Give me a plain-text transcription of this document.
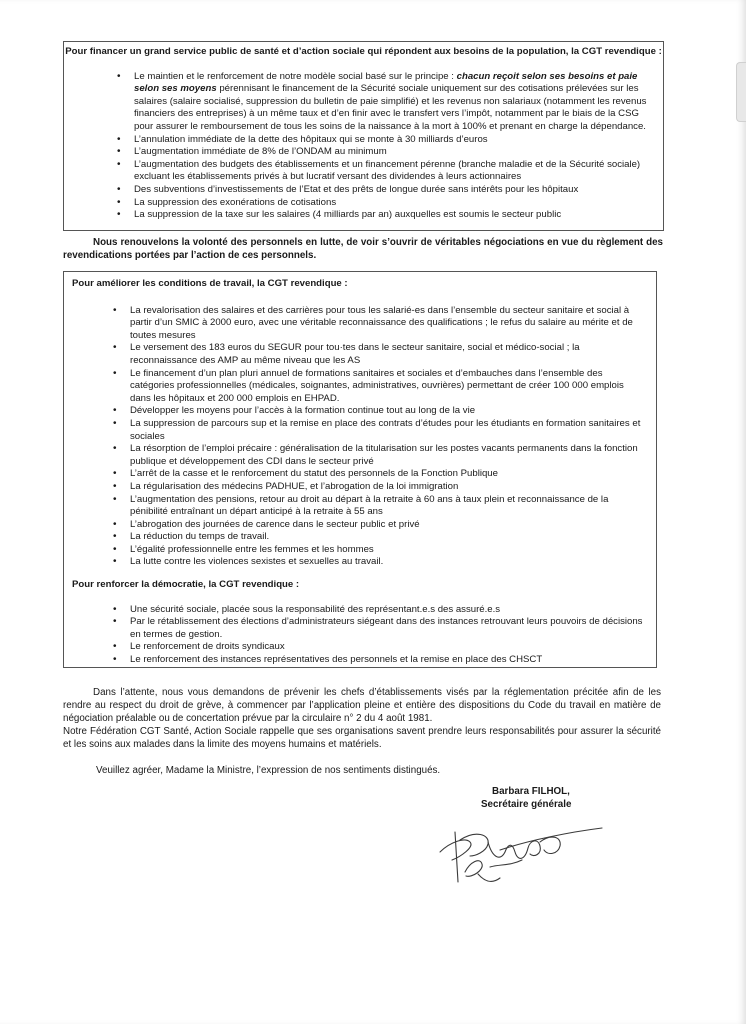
Pour financer un grand service public de santé et d’action sociale qui répondent aux besoins de la population, la CGT revendique :
• Le maintien et le renforcement de notre modèle social basé sur le principe : chacun reçoit selon ses besoins et paie selon ses moyens pérennisant le financement de la Sécurité sociale uniquement sur des cotisations prélevées sur les salaires (salaire socialisé, suppression du bulletin de paie simplifié) et les revenus non salariaux (notamment les revenus financiers des entreprises) à un même taux et d’en finir avec le transfert vers l’impôt, notamment par le biais de la CSG pour assurer le remboursement de tous les soins de la naissance à la mort à 100% et prenant en charge la dépendance.
• L’annulation immédiate de la dette des hôpitaux qui se monte à 30 milliards d’euros
• L’augmentation immédiate de 8% de l’ONDAM au minimum
• L’augmentation des budgets des établissements et un financement pérenne (branche maladie et de la Sécurité sociale) excluant les établissements privés à but lucratif versant des dividendes à leurs actionnaires
• Des subventions d’investissements de l’Etat et des prêts de longue durée sans intérêts pour les hôpitaux
• La suppression des exonérations de cotisations
• La suppression de la taxe sur les salaires (4 milliards par an) auxquelles est soumis le secteur public
Nous renouvelons la volonté des personnels en lutte, de voir s’ouvrir de véritables négociations en vue du règlement des revendications portées par l’action de ces personnels.
Pour améliorer les conditions de travail, la CGT revendique :
• La revalorisation des salaires et des carrières pour tous les salarié-es dans l’ensemble du secteur sanitaire et social à partir d’un SMIC à 2000 euro, avec une véritable reconnaissance des qualifications ; le refus du salaire au mérite et de toutes mesures
• Le versement des 183 euros du SEGUR pour tou·tes dans le secteur sanitaire, social et médico-social ; la reconnaissance des AMP au même niveau que les AS
• Le financement d’un plan pluri annuel de formations sanitaires et sociales et d’embauches dans l’ensemble des catégories professionnelles (médicales, soignantes, administratives, ouvrières) permettant de créer 100 000 emplois dans les hôpitaux et 200 000 emplois en EHPAD.
• Développer les moyens pour l’accès à la formation continue tout au long de la vie
• La suppression de parcours sup et la remise en place des contrats d’études pour les étudiants en formation sanitaires et sociales
• La résorption de l’emploi précaire : généralisation de la titularisation sur les postes vacants permanents dans la fonction publique et développement des CDI dans le secteur privé
• L’arrêt de la casse et le renforcement du statut des personnels de la Fonction Publique
• La régularisation des médecins PADHUE, et l’abrogation de la loi immigration
• L’augmentation des pensions, retour au droit au départ à la retraite à 60 ans à taux plein et reconnaissance de la pénibilité entraînant un départ anticipé à la retraite à 55 ans
• L’abrogation des journées de carence dans le secteur public et privé
• La réduction du temps de travail.
• L’égalité professionnelle entre les femmes et les hommes
• La lutte contre les violences sexistes et sexuelles au travail.
Pour renforcer la démocratie, la CGT revendique :
• Une sécurité sociale, placée sous la responsabilité des représentant.e.s des assuré.e.s
• Par le rétablissement des élections d’administrateurs siégeant dans des instances retrouvant leurs pouvoirs de décisions en termes de gestion.
• Le renforcement de droits syndicaux
• Le renforcement des instances représentatives des personnels et la remise en place des CHSCT
Dans l’attente, nous vous demandons de prévenir les chefs d’établissements visés par la réglementation précitée afin de les rendre au respect du droit de grève, à commencer par l’application pleine et entière des dispositions du Code du travail en matière de négociation préalable ou de concertation prévue par la circulaire n° 2 du 4 août 1981.
Notre Fédération CGT Santé, Action Sociale rappelle que ses organisations savent prendre leurs responsabilités pour assurer la sécurité et les soins aux malades dans la limite des moyens humains et matériels.
Veuillez agréer, Madame la Ministre, l’expression de nos sentiments distingués.
Barbara FILHOL,
Secrétaire générale
